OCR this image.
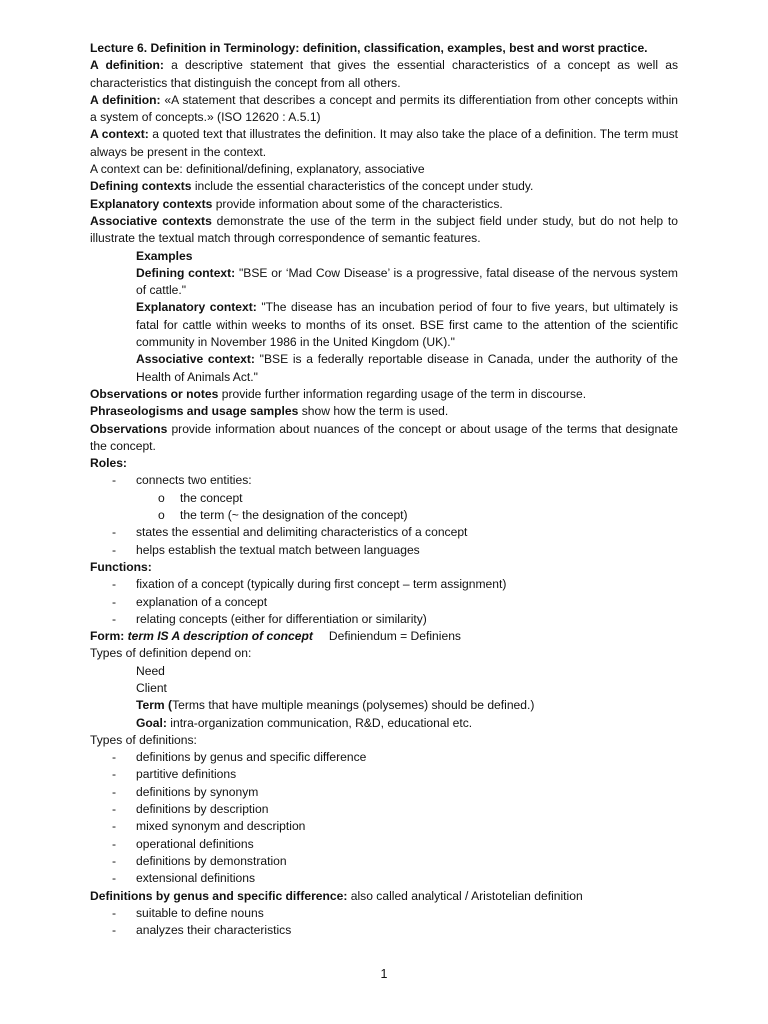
Lecture 6. Definition in Terminology: definition, classification, examples, best and worst practice.

A definition: a descriptive statement that gives the essential characteristics of a concept as well as characteristics that distinguish the concept from all others.

A definition: «A statement that describes a concept and permits its differentiation from other concepts within a system of concepts.» (ISO 12620 : A.5.1)

A context: a quoted text that illustrates the definition. It may also take the place of a definition. The term must always be present in the context.

A context can be: definitional/defining, explanatory, associative

Defining contexts include the essential characteristics of the concept under study.

Explanatory contexts provide information about some of the characteristics.

Associative contexts demonstrate the use of the term in the subject field under study, but do not help to illustrate the textual match through correspondence of semantic features.

Examples

Defining context: "BSE or ‘Mad Cow Disease’ is a progressive, fatal disease of the nervous system of cattle."

Explanatory context: "The disease has an incubation period of four to five years, but ultimately is fatal for cattle within weeks to months of its onset. BSE first came to the attention of the scientific community in November 1986 in the United Kingdom (UK)."

Associative context: "BSE is a federally reportable disease in Canada, under the authority of the Health of Animals Act."

Observations or notes provide further information regarding usage of the term in discourse.

Phraseologisms and usage samples show how the term is used.

Observations provide information about nuances of the concept or about usage of the terms that designate the concept.

Roles:

- connects two entities:

o the concept

o the term (~ the designation of the concept)

- states the essential and delimiting characteristics of a concept

- helps establish the textual match between languages

Functions:

- fixation of a concept (typically during first concept – term assignment)

- explanation of a concept

- relating concepts (either for differentiation or similarity)

Form: term IS A description of concept Definiendum = Definiens

Types of definition depend on:

Need

Client

Term (Terms that have multiple meanings (polysemes) should be defined.)

Goal: intra-organization communication, R&D, educational etc.

Types of definitions:

- definitions by genus and specific difference

- partitive definitions

- definitions by synonym

- definitions by description

- mixed synonym and description

- operational definitions

- definitions by demonstration

- extensional definitions

Definitions by genus and specific difference: also called analytical / Aristotelian definition

- suitable to define nouns

- analyzes their characteristics

1
